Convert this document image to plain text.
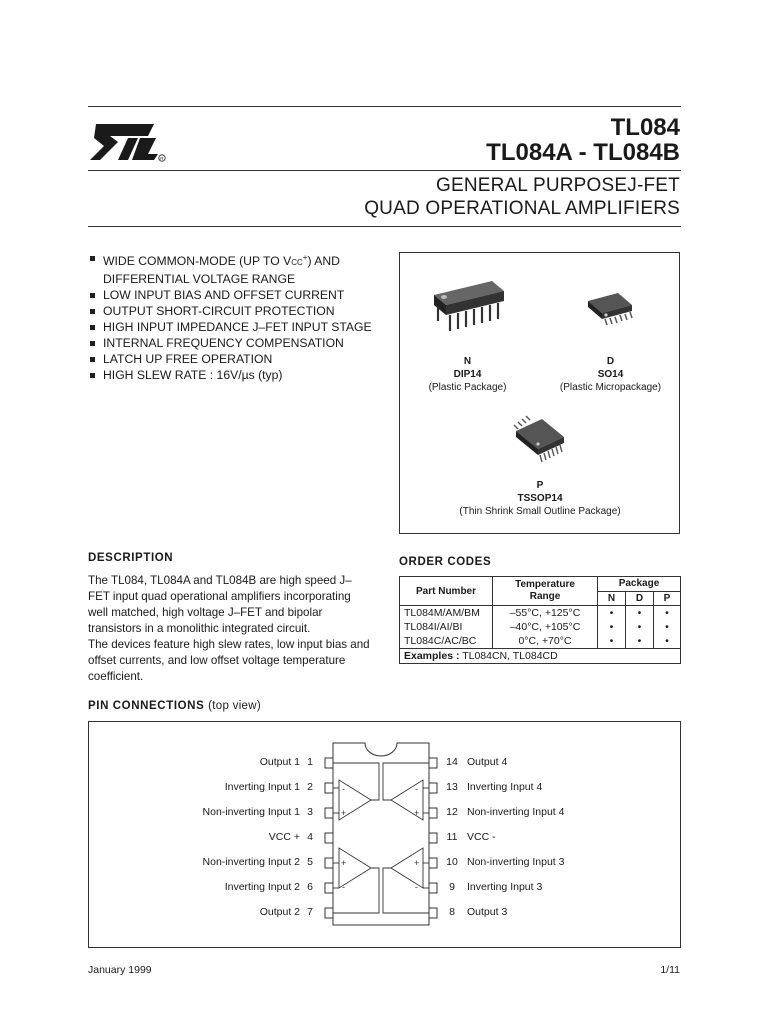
R
TL084
TL084A - TL084B
GENERAL PURPOSEJ-FET
QUAD OPERATIONAL AMPLIFIERS
WIDE COMMON-MODE (UP TO VCC+) AND
DIFFERENTIAL VOLTAGE RANGE
LOW INPUT BIAS AND OFFSET CURRENT
OUTPUT SHORT-CIRCUIT PROTECTION
HIGH INPUT IMPEDANCE J–FET INPUT STAGE
INTERNAL FREQUENCY COMPENSATION
LATCH UP FREE OPERATION
HIGH SLEW RATE : 16V/µs (typ)
N
DIP14
(Plastic Package)
D
SO14
(Plastic Micropackage)
P
TSSOP14
(Thin Shrink Small Outline Package)
DESCRIPTION

The TL084, TL084A and TL084B are high speed J–FET input quad operational amplifiers incorporating well matched, high voltage J–FET and bipolar transistors in a monolithic integrated circuit.

The devices feature high slew rates, low input bias and offset currents, and low offset voltage temperature coefficient.

ORDER CODES
Part Number	Temperature Range	Package		
		N	D	P
TL084M/AM/BM	–55°C, +125°C	•	•	•
TL084I/AI/BI	–40°C, +105°C	•	•	•
TL084C/AC/BC	0°C, +70°C	•	•	•
Examples : TL084CN, TL084CD				
PIN CONNECTIONS (top view)
-
+
-
+
+
-
+
-
Output 1
Inverting Input 1
Non-inverting Input 1
VCC +
Non-inverting Input 2
Inverting Input 2
Output 2
1
2
3
4
5
6
7
14
13
12
11
10
9
8
Output 4
Inverting Input 4
Non-inverting Input 4
VCC -
Non-inverting Input 3
Inverting Input 3
Output 3
January 1999	1/11
